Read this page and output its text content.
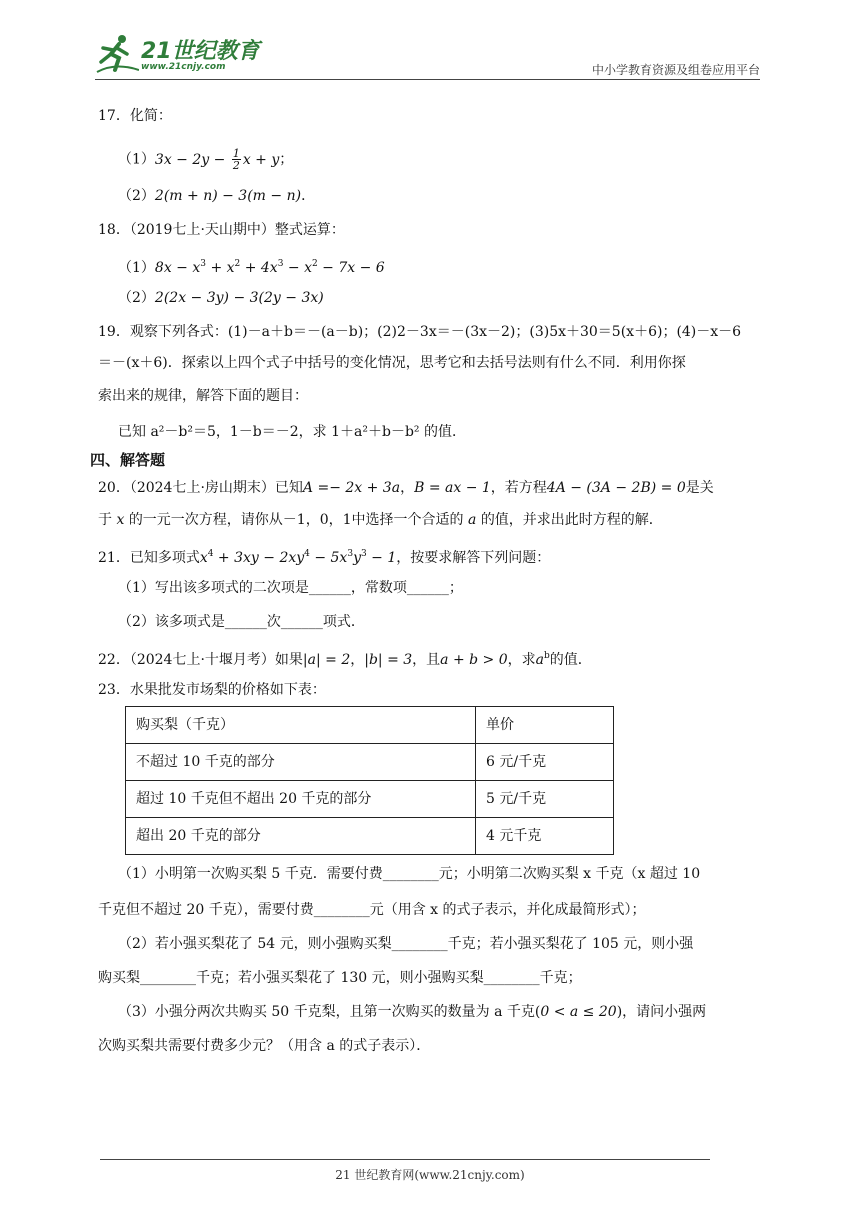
21世纪教育
www.21cnjy.com	中小学教育资源及组卷应用平台
17．化简：
$(1)3x - 2y - \frac{1}{2}$ x + y；
（2）2(m + n) − 3(m − n)．
18．（2019七上·天山期中）整式运算：
$(1)8x - x^3 + x^2 + 4x^3 - x^2 - 7x - 6$
（2）2(2x − 3y) − 3(2y − 3x)
19．观察下列各式：(1)－a＋b＝－(a－b)；(2)2－3x＝－(3x－2)；(3)5x＋30＝5(x＋6)；(4)－x－6
＝－(x＋6)．探索以上四个式子中括号的变化情况，思考它和去括号法则有什么不同．利用你探
索出来的规律，解答下面的题目：
已知 a²－b²＝5，1－b＝－2，求 1＋a²＋b－b² 的值．
四、解答题
20．（2024七上·房山期末）已知A =− 2x + 3a，B = ax − 1，若方程4A − (3A − 2B) = 0是关
于 x 的一元一次方程，请你从－1，0，1中选择一个合适的 a 的值，并求出此时方程的解．
21．已知多项式$x^4 + 3xy - 2xy^4 - 5x^3y^3 - 1$，按要求解答下列问题：
（1）写出该多项式的二次项是______，常数项______；
（2）该多项式是______次______项式．
22．（2024七上·十堰月考）如果|a| = 2，|b| = 3，且a + b > 0，求$a^b$的值．
23．水果批发市场梨的价格如下表：
购买梨（千克）	单价
不超过 10 千克的部分	6 元/千克
超过 10 千克但不超出 20 千克的部分	5 元/千克
超出 20 千克的部分	4 元千克
（1）小明第一次购买梨 5 千克．需要付费________元；小明第二次购买梨 x 千克（x 超过 10
千克但不超过 20 千克），需要付费________元（用含 x 的式子表示，并化成最简形式）；
（2）若小强买梨花了 54 元，则小强购买梨________千克；若小强买梨花了 105 元，则小强
购买梨________千克；若小强买梨花了 130 元，则小强购买梨________千克；
（3）小强分两次共购买 50 千克梨，且第一次购买的数量为 a 千克(0 < a ≤ 20)，请问小强两
次购买梨共需要付费多少元？（用含 a 的式子表示）．
21 世纪教育网(www.21cnjy.com)
